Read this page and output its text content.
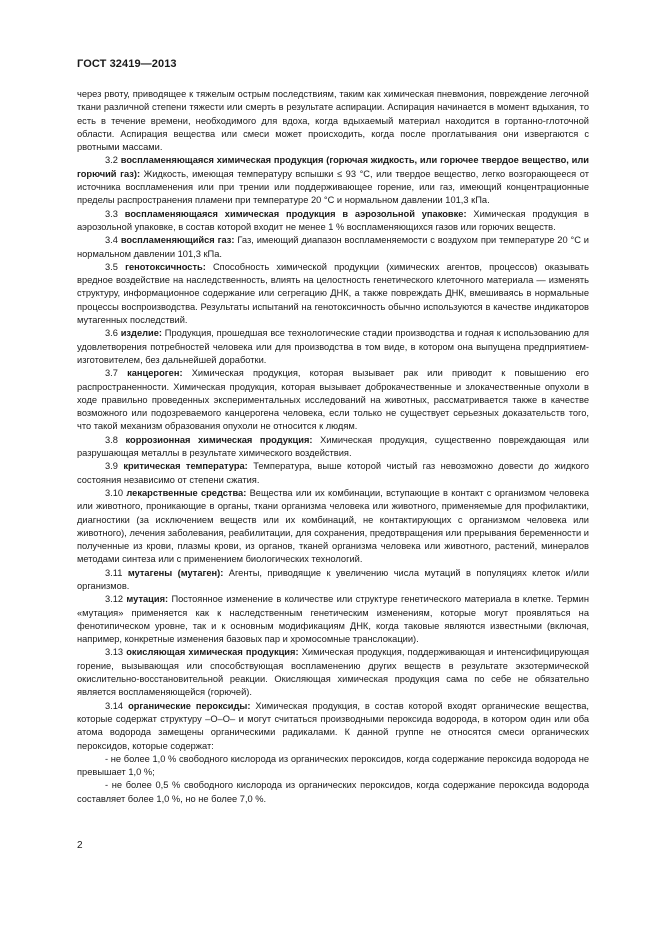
ГОСТ 32419—2013

через рвоту, приводящее к тяжелым острым последствиям, таким как химическая пневмония, повреждение легочной ткани различной степени тяжести или смерть в результате аспирации. Аспирация начинается в момент вдыхания, то есть в течение времени, необходимого для вдоха, когда вдыхаемый материал находится в гортанно-глоточной области. Аспирация вещества или смеси может происходить, когда после проглатывания они извергаются с рвотными массами.

3.2 воспламеняющаяся химическая продукция (горючая жидкость, или горючее твердое вещество, или горючий газ): Жидкость, имеющая температуру вспышки ≤ 93 °С, или твердое вещество, легко возгорающееся от источника воспламенения или при трении или поддерживающее горение, или газ, имеющий концентрационные пределы распространения пламени при температуре 20 °С и нормальном давлении 101,3 кПа.

3.3 воспламеняющаяся химическая продукция в аэрозольной упаковке: Химическая продукция в аэрозольной упаковке, в состав которой входит не менее 1 % воспламеняющихся газов или горючих веществ.

3.4 воспламеняющийся газ: Газ, имеющий диапазон воспламеняемости с воздухом при температуре 20 °С и нормальном давлении 101,3 кПа.

3.5 генотоксичность: Способность химической продукции (химических агентов, процессов) оказывать вредное воздействие на наследственность, влиять на целостность генетического клеточного материала — изменять структуру, информационное содержание или сегрегацию ДНК, а также повреждать ДНК, вмешиваясь в нормальные процессы воспроизводства. Результаты испытаний на генотоксичность обычно используются в качестве индикаторов мутагенных последствий.

3.6 изделие: Продукция, прошедшая все технологические стадии производства и годная к использованию для удовлетворения потребностей человека или для производства в том виде, в котором она выпущена предприятием-изготовителем, без дальнейшей доработки.

3.7 канцероген: Химическая продукция, которая вызывает рак или приводит к повышению его распространенности. Химическая продукция, которая вызывает доброкачественные и злокачественные опухоли в ходе правильно проведенных экспериментальных исследований на животных, рассматривается также в качестве возможного или подозреваемого канцерогена человека, если только не существует серьезных доказательств того, что такой механизм образования опухоли не относится к людям.

3.8 коррозионная химическая продукция: Химическая продукция, существенно повреждающая или разрушающая металлы в результате химического воздействия.

3.9 критическая температура: Температура, выше которой чистый газ невозможно довести до жидкого состояния независимо от степени сжатия.

3.10 лекарственные средства: Вещества или их комбинации, вступающие в контакт с организмом человека или животного, проникающие в органы, ткани организма человека или животного, применяемые для профилактики, диагностики (за исключением веществ или их комбинаций, не контактирующих с организмом человека или животного), лечения заболевания, реабилитации, для сохранения, предотвращения или прерывания беременности и полученные из крови, плазмы крови, из органов, тканей организма человека или животного, растений, минералов методами синтеза или с применением биологических технологий.

3.11 мутагены (мутаген): Агенты, приводящие к увеличению числа мутаций в популяциях клеток и/или организмов.

3.12 мутация: Постоянное изменение в количестве или структуре генетического материала в клетке. Термин «мутация» применяется как к наследственным генетическим изменениям, которые могут проявляться на фенотипическом уровне, так и к основным модификациям ДНК, когда таковые являются известными (включая, например, конкретные изменения базовых пар и хромосомные транслокации).

3.13 окисляющая химическая продукция: Химическая продукция, поддерживающая и интенсифицирующая горение, вызывающая или способствующая воспламенению других веществ в результате экзотермической окислительно-восстановительной реакции. Окисляющая химическая продукция сама по себе не обязательно является воспламеняющейся (горючей).

3.14 органические пероксиды: Химическая продукция, в состав которой входят органические вещества, которые содержат структуру –О–О– и могут считаться производными пероксида водорода, в котором один или оба атома водорода замещены органическими радикалами. К данной группе не относятся смеси органических пероксидов, которые содержат:

- не более 1,0 % свободного кислорода из органических пероксидов, когда содержание пероксида водорода не превышает 1,0 %;

- не более 0,5 % свободного кислорода из органических пероксидов, когда содержание пероксида водорода составляет более 1,0 %, но не более 7,0 %.

2
